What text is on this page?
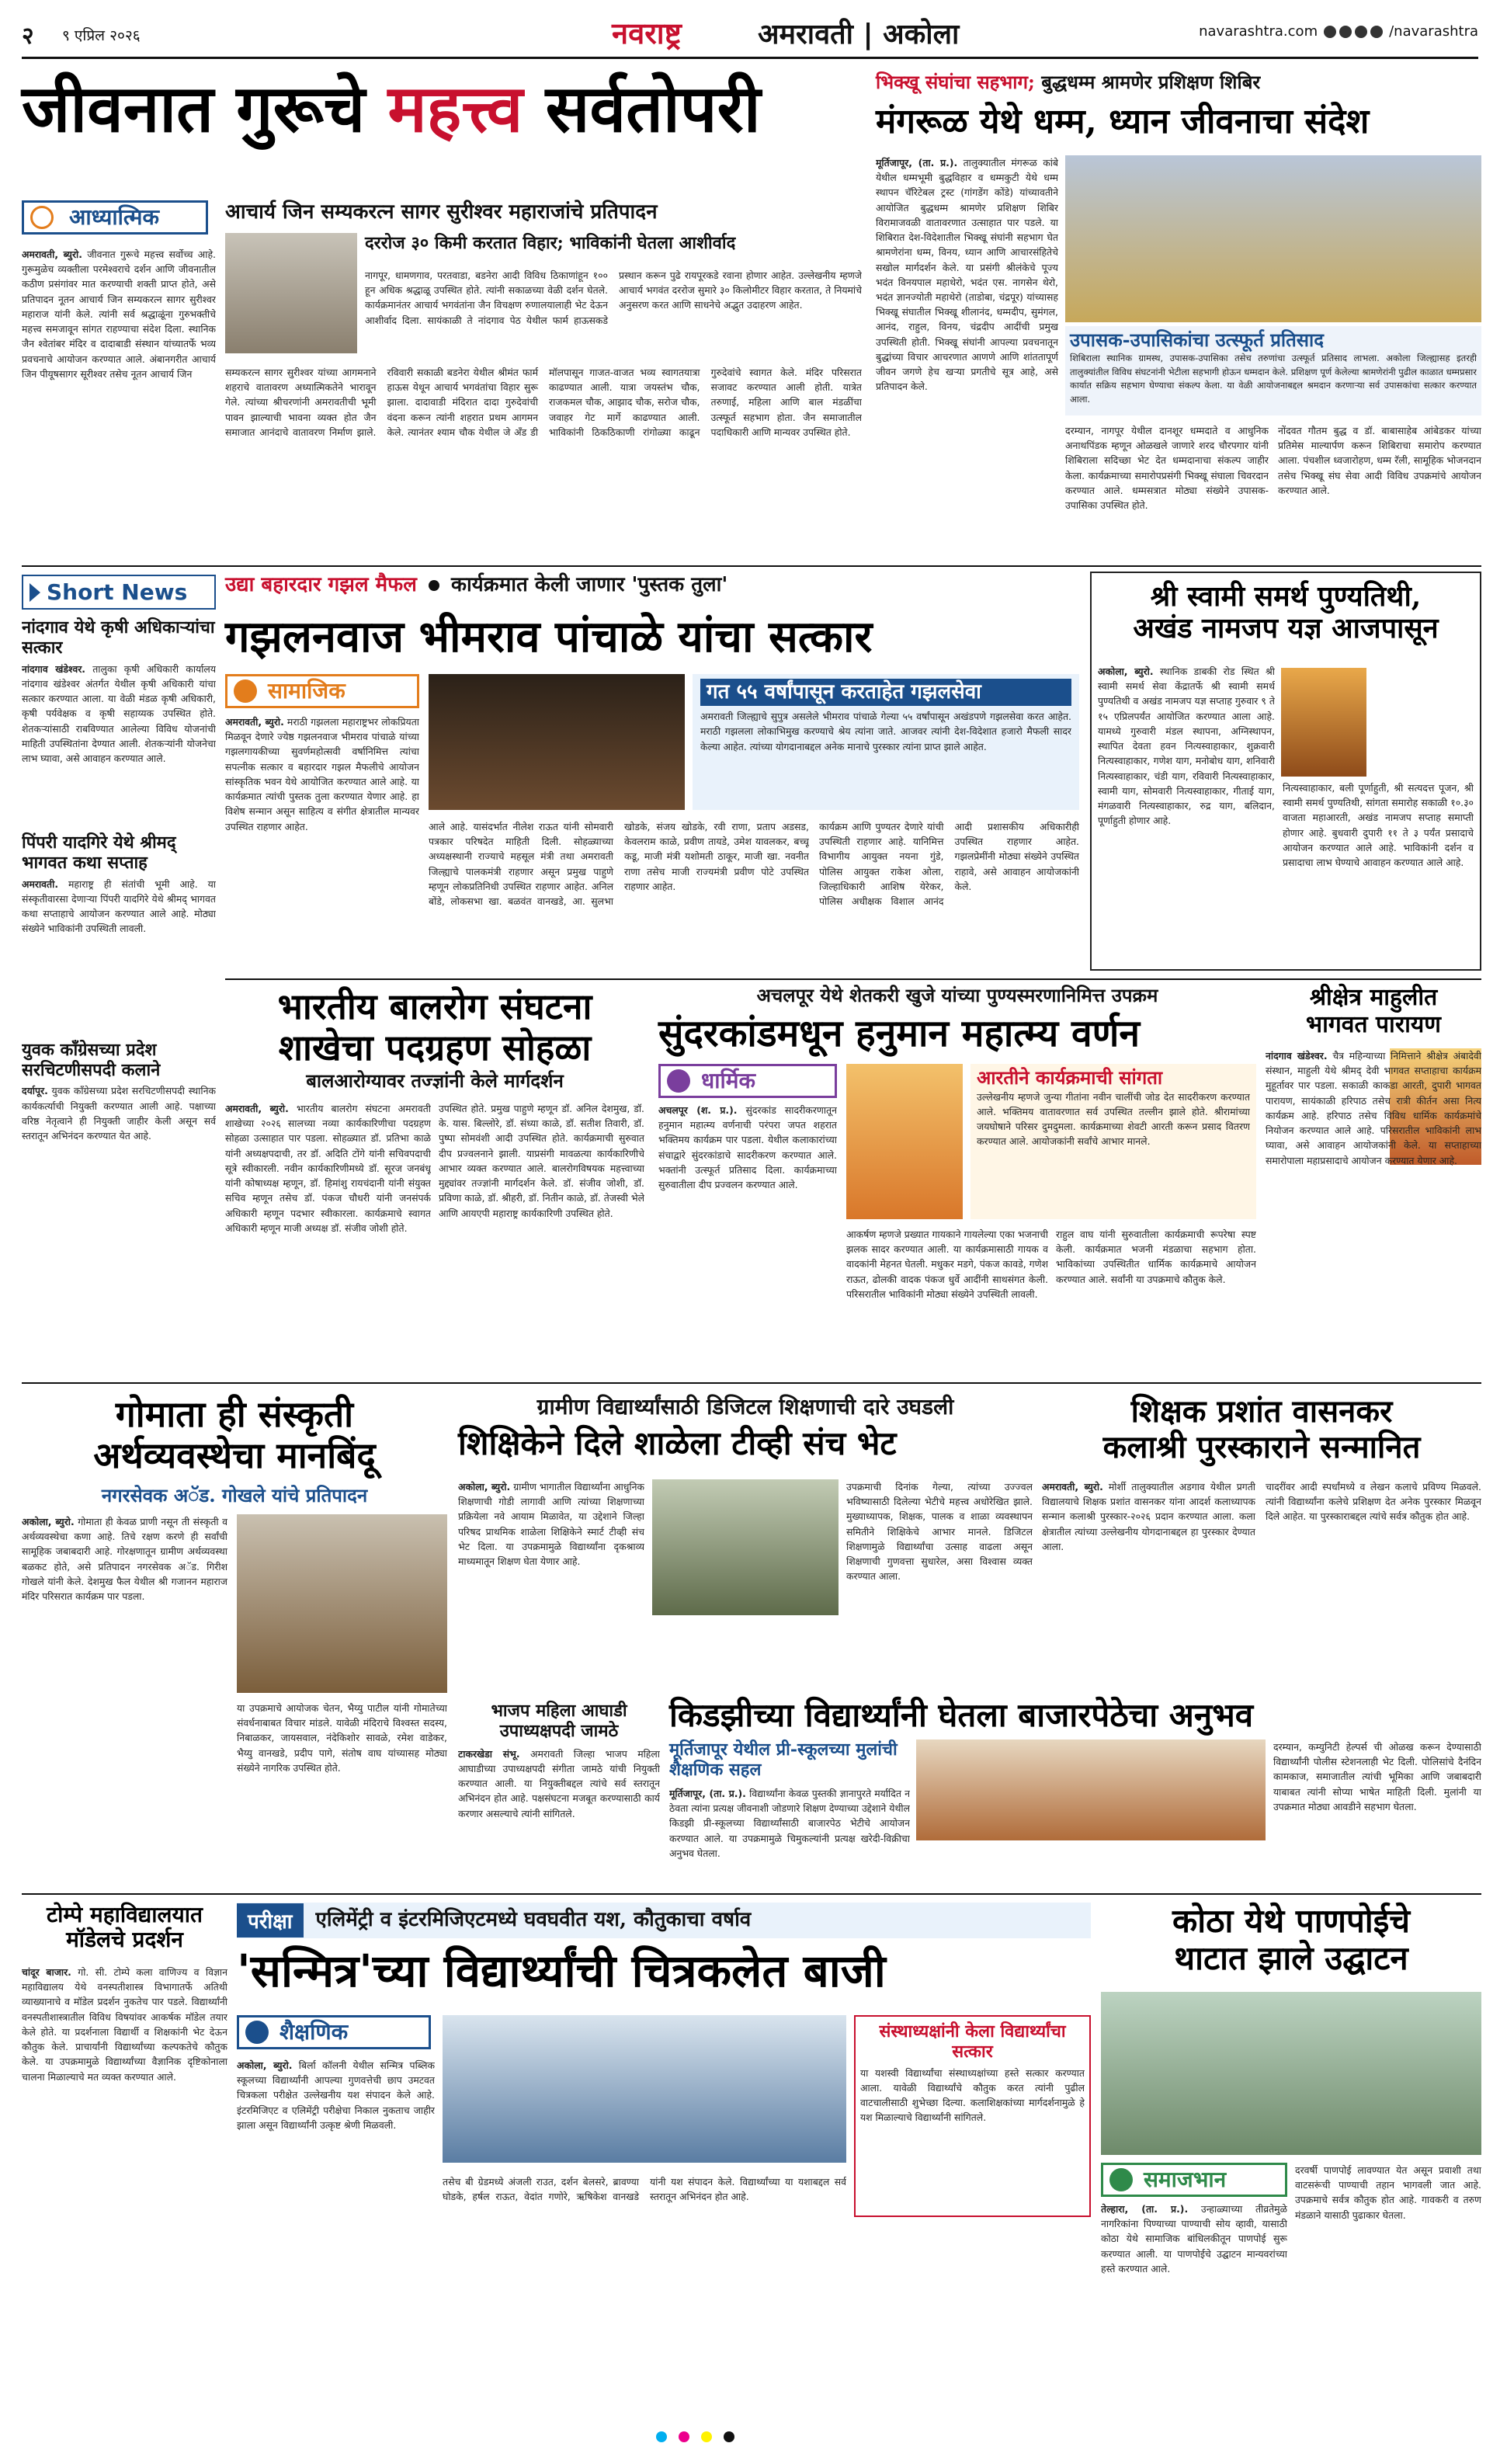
२ ९ एप्रिल २०२६	नवराष्ट्र	अमरावती | अकोला	navarashtra.com	/navarashtra
जीवनात गुरूचे महत्त्व सर्वतोपरी
आध्यात्मिक	आचार्य जिन सम्यकरत्न सागर सुरीश्वर महाराजांचे प्रतिपादन
दररोज ३० किमी करतात विहार; भाविकांनी घेतला आशीर्वाद
अमरावती, ब्युरो. जीवनात गुरूचे महत्त्व सर्वोच्च आहे. गुरूमुळेच व्यक्तीला परमेश्वराचे दर्शन आणि जीवनातील कठीण प्रसंगांवर मात करण्याची शक्ती प्राप्त होते, असे प्रतिपादन नूतन आचार्य जिन सम्यकरत्न सागर सुरीश्वर महाराज यांनी केले. त्यांनी सर्व श्रद्धाळूंना गुरुभक्तीचे महत्त्व समजावून सांगत राहण्याचा संदेश दिला. स्थानिक जैन श्वेतांबर मंदिर व दादाबाडी संस्थान यांच्यातर्फे भव्य प्रवचनाचे आयोजन करण्यात आले. अंबानगरीत आचार्य जिन पीयूषसागर सूरीश्वर तसेच नूतन आचार्य जिन
नागपूर, धामणगाव, परतवाडा, बडनेरा आदी विविध ठिकाणांहून १०० हून अधिक श्रद्धाळू उपस्थित होते. त्यांनी सकाळच्या वेळी दर्शन घेतले. कार्यक्रमानंतर आचार्य भगवंतांना जैन विचक्षण रुणालयालाही भेट देऊन आशीर्वाद दिला. सायंकाळी ते नांदगाव पेठ येथील फार्म हाऊसकडे प्रस्थान करून पुढे रायपूरकडे रवाना होणार आहेत. उल्लेखनीय म्हणजे आचार्य भगवंत दररोज सुमारे ३० किलोमीटर विहार करतात, ते नियमांचे अनुसरण करत आणि साधनेचे अद्भुत उदाहरण आहेत.
सम्यकरत्न सागर सुरीश्वर यांच्या आगमनाने शहराचे वातावरण अध्यात्मिकतेने भारावून गेले. त्यांच्या श्रीचरणांनी अमरावतीची भूमी पावन झाल्याची भावना व्यक्त होत जैन समाजात आनंदाचे वातावरण निर्माण झाले. रविवारी सकाळी बडनेरा येथील श्रीमंत फार्म हाऊस येथून आचार्य भगवंतांचा विहार सुरू झाला. दादावाडी मंदिरात दादा गुरुदेवांची वंदना करून त्यांनी शहरात प्रथम आगमन केले. त्यानंतर श्याम चौक येथील जे अँड डी मॉलपासून गाजत-वाजत भव्य स्वागतयात्रा काढण्यात आली. यात्रा जयस्तंभ चौक, राजकमल चौक, आझाद चौक, सरोज चौक, जवाहर गेट मार्गे काढण्यात आली. भाविकांनी ठिकठिकाणी रांगोळ्या काढून गुरुदेवांचे स्वागत केले. मंदिर परिसरात सजावट करण्यात आली होती. यात्रेत तरुणाई, महिला आणि बाल मंडळींचा उत्स्फूर्त सहभाग होता. जैन समाजातील पदाधिकारी आणि मान्यवर उपस्थित होते.
भिक्खू संघांचा सहभाग; बुद्धधम्म श्रामणेर प्रशिक्षण शिबिर
मंगरूळ येथे धम्म, ध्यान जीवनाचा संदेश
मूर्तिजापूर, (ता. प्र.). तालुक्यातील मंगरूळ कांबे येथील धम्मभूमी बुद्धविहार व धम्मकुटी येथे धम्म स्थापन चॅरिटेबल ट्रस्ट (गांगडेंग कोंडे) यांच्यावतीने आयोजित बुद्धधम्म श्रामणेर प्रशिक्षण शिबिर विरामाजवळी वातावरणात उत्साहात पार पडले. या शिबिरात देश-विदेशातील भिक्खू संघांनी सहभाग घेत श्रामणेरांना धम्म, विनय, ध्यान आणि आचारसंहितेचे सखोल मार्गदर्शन केले. या प्रसंगी श्रीलंकेचे पूज्य भदंत विनयपाल महाथेरो, भदंत एस. नागसेन थेरो, भदंत ज्ञानज्योती महाथेरो (ताडोबा, चंद्रपूर) यांच्यासह भिक्खू संघातील भिक्खू शीलानंद, धम्मदीप, सुमंगल, आनंद, राहुल, विनय, चंद्रदीप आदींची प्रमुख उपस्थिती होती. भिक्खू संघांनी आपल्या प्रवचनातून बुद्धांच्या विचार आचरणात आणणे आणि शांततापूर्ण जीवन जगणे हेच खऱ्या प्रगतीचे सूत्र आहे, असे प्रतिपादन केले.
उपासक-उपासिकांचा उत्स्फूर्त प्रतिसाद
शिबिराला स्थानिक ग्रामस्थ, उपासक-उपासिका तसेच तरुणांचा उत्स्फूर्त प्रतिसाद लाभला. अकोला जिल्ह्यासह इतरही तालुक्यांतील विविध संघटनांनी भेटीला सहभागी होऊन धम्मदान केले. प्रशिक्षण पूर्ण केलेल्या श्रामणेरांनी पुढील काळात धम्मप्रसार कार्यात सक्रिय सहभाग घेण्याचा संकल्प केला. या वेळी आयोजनाबद्दल श्रमदान करणाऱ्या सर्व उपासकांचा सत्कार करण्यात आला.
दरम्यान, नागपूर येथील दानशूर धम्मदाते व आधुनिक अनाथपिंडक म्हणून ओळखले जाणारे शरद चौरपगार यांनी शिबिराला सदिच्छा भेट देत धम्मदानाचा संकल्प जाहीर केला. कार्यक्रमाच्या समारोपप्रसंगी भिक्खू संघाला चिवरदान करण्यात आले. धम्मसत्रात मोठ्या संख्येने उपासक-उपासिका उपस्थित होते.
नोंदवत गौतम बुद्ध व डॉ. बाबासाहेब आंबेडकर यांच्या प्रतिमेस माल्यार्पण करून शिबिराचा समारोप करण्यात आला. पंचशील ध्वजारोहण, धम्म रॅली, सामूहिक भोजनदान तसेच भिक्खू संघ सेवा आदी विविध उपक्रमांचे आयोजन करण्यात आले.
Short News
नांदगाव येथे कृषी अधिकाऱ्यांचा सत्कार
नांदगाव खंडेश्वर. तालुका कृषी अधिकारी कार्यालय नांदगाव खंडेश्वर अंतर्गत येथील कृषी अधिकारी यांचा सत्कार करण्यात आला. या वेळी मंडळ कृषी अधिकारी, कृषी पर्यवेक्षक व कृषी सहाय्यक उपस्थित होते. शेतकऱ्यांसाठी राबविण्यात आलेल्या विविध योजनांची माहिती उपस्थितांना देण्यात आली. शेतकऱ्यांनी योजनेचा लाभ घ्यावा, असे आवाहन करण्यात आले.
पिंपरी यादगिरे येथे श्रीमद् भागवत कथा सप्ताह
अमरावती. महाराष्ट्र ही संतांची भूमी आहे. या संस्कृतीवारसा देणाऱ्या पिंपरी यादगिरे येथे श्रीमद् भागवत कथा सप्ताहाचे आयोजन करण्यात आले आहे. मोठ्या संख्येने भाविकांनी उपस्थिती लावली.
युवक काँग्रेसच्या प्रदेश सरचिटणीसपदी कलाने
दर्यापूर. युवक काँग्रेसच्या प्रदेश सरचिटणीसपदी स्थानिक कार्यकर्त्याची नियुक्ती करण्यात आली आहे. पक्षाच्या वरिष्ठ नेतृत्वाने ही नियुक्ती जाहीर केली असून सर्व स्तरातून अभिनंदन करण्यात येत आहे.
उद्या बहारदार गझल मैफल कार्यक्रमात केली जाणार 'पुस्तक तुला'
गझलनवाज भीमराव पांचाळे यांचा सत्कार
सामाजिक
अमरावती, ब्युरो. मराठी गझलला महाराष्ट्रभर लोकप्रियता मिळवून देणारे ज्येष्ठ गझलनवाज भीमराव पांचाळे यांच्या गझलगायकीच्या सुवर्णमहोत्सवी वर्षानिमित्त त्यांचा सपत्नीक सत्कार व बहारदार गझल मैफलीचे आयोजन सांस्कृतिक भवन येथे आयोजित करण्यात आले आहे. या कार्यक्रमात त्यांची पुस्तक तुला करण्यात येणार आहे. हा विशेष सन्मान असून साहित्य व संगीत क्षेत्रातील मान्यवर उपस्थित राहणार आहेत.
गत ५५ वर्षांपासून करताहेत गझलसेवा
अमरावती जिल्ह्याचे सुपुत्र असलेले भीमराव पांचाळे गेल्या ५५ वर्षांपासून अखंडपणे गझलसेवा करत आहेत. मराठी गझलला लोकाभिमुख करण्याचे श्रेय त्यांना जाते. आजवर त्यांनी देश-विदेशात हजारो मैफली सादर केल्या आहेत. त्यांच्या योगदानाबद्दल अनेक मानाचे पुरस्कार त्यांना प्राप्त झाले आहेत.
आले आहे. यासंदर्भात नीलेश राऊत यांनी सोमवारी पत्रकार परिषदेत माहिती दिली. सोहळ्याच्या अध्यक्षस्थानी राज्याचे महसूल मंत्री तथा अमरावती जिल्ह्याचे पालकमंत्री राहणार असून प्रमुख पाहुणे म्हणून लोकप्रतिनिधी उपस्थित राहणार आहेत. अनिल बोंडे, लोकसभा खा. बळवंत वानखडे, आ. सुलभा खोडके, संजय खोडके, रवी राणा, प्रताप अडसड, केवलराम काळे, प्रवीण तायडे, उमेश यावलकर, बच्चू कडू, माजी मंत्री यशोमती ठाकूर, माजी खा. नवनीत राणा तसेच माजी राज्यमंत्री प्रवीण पोटे उपस्थित राहणार आहेत.
कार्यक्रम आणि पुण्यतर देणारे यांची उपस्थिती राहणार आहे. यानिमित्त विभागीय आयुक्त नयना गुंडे, पोलिस आयुक्त राकेश ओला, जिल्हाधिकारी आशिष येरेकर, पोलिस अधीक्षक विशाल आनंद आदी प्रशासकीय अधिकारीही उपस्थित राहणार आहेत. गझलप्रेमींनी मोठ्या संख्येने उपस्थित राहावे, असे आवाहन आयोजकांनी केले.
श्री स्वामी समर्थ पुण्यतिथी,
अखंड नामजप यज्ञ आजपासून
अकोला, ब्युरो. स्थानिक डाबकी रोड स्थित श्री स्वामी समर्थ सेवा केंद्रातर्फे श्री स्वामी समर्थ पुण्यतिथी व अखंड नामजप यज्ञ सप्ताह गुरुवार ९ ते १५ एप्रिलपर्यंत आयोजित करण्यात आला आहे. यामध्ये गुरुवारी मंडल स्थापना, अग्निस्थापन, स्थापित देवता हवन नित्यस्वाहाकार, शुक्रवारी नित्यस्वाहाकार, गणेश याग, मनोबोध याग, शनिवारी नित्यस्वाहाकार, चंडी याग, रविवारी नित्यस्वाहाकार, स्वामी याग, सोमवारी नित्यस्वाहाकार, गीताई याग, मंगळवारी नित्यस्वाहाकार, रुद्र याग, बलिदान, पूर्णाहुती होणार आहे.
नित्यस्वाहाकार, बली पूर्णाहुती, श्री सत्यदत्त पूजन, श्री स्वामी समर्थ पुण्यतिथी, सांगता समारोह सकाळी १०.३० वाजता महाआरती, अखंड नामजप सप्ताह समाप्ती होणार आहे. बुधवारी दुपारी ११ ते ३ पर्यंत प्रसादाचे आयोजन करण्यात आले आहे. भाविकांनी दर्शन व प्रसादाचा लाभ घेण्याचे आवाहन करण्यात आले आहे.
भारतीय बालरोग संघटना
शाखेचा पदग्रहण सोहळा
बालआरोग्यावर तज्ज्ञांनी केले मार्गदर्शन
अमरावती, ब्युरो. भारतीय बालरोग संघटना अमरावती शाखेच्या २०२६ सालच्या नव्या कार्यकारिणीचा पदग्रहण सोहळा उत्साहात पार पडला. सोहळ्यात डॉ. प्रतिभा काळे यांनी अध्यक्षपदाची, तर डॉ. अदिति टोंगे यांनी सचिवपदाची सूत्रे स्वीकारली. नवीन कार्यकारिणीमध्ये डॉ. सूरज जनबंधू यांनी कोषाध्यक्ष म्हणून, डॉ. हिमांशु रायचंदानी यांनी संयुक्त सचिव म्हणून तसेच डॉ. पंकज चौधरी यांनी जनसंपर्क अधिकारी म्हणून पदभार स्वीकारला. कार्यक्रमाचे स्वागत अधिकारी म्हणून माजी अध्यक्ष डॉ. संजीव जोशी होते.
उपस्थित होते. प्रमुख पाहुणे म्हणून डॉ. अनिल देशमुख, डॉ. के. यास. बिल्लोरे, डॉ. संध्या काळे, डॉ. सतीश तिवारी, डॉ. पुष्पा सोमवंशी आदी उपस्थित होते. कार्यक्रमाची सुरुवात दीप प्रज्वलनाने झाली. याप्रसंगी मावळत्या कार्यकारिणीचे आभार व्यक्त करण्यात आले. बालरोगविषयक महत्त्वाच्या मुद्द्यांवर तज्ज्ञांनी मार्गदर्शन केले. डॉ. संजीव जोशी, डॉ. प्रविणा काळे, डॉ. श्रीहरी, डॉ. नितीन काळे, डॉ. तेजस्वी भेले आणि आयएपी महाराष्ट्र कार्यकारिणी उपस्थित होते.
अचलपूर येथे शेतकरी खुजे यांच्या पुण्यस्मरणानिमित्त उपक्रम
सुंदरकांडमधून हनुमान महात्म्य वर्णन
धार्मिक
अचलपूर (श. प्र.). सुंदरकांड सादरीकरणातून हनुमान महात्म्य वर्णनाची परंपरा जपत शहरात भक्तिमय कार्यक्रम पार पडला. येथील कलाकारांच्या संचाद्वारे सुंदरकांडाचे सादरीकरण करण्यात आले. भक्तांनी उत्स्फूर्त प्रतिसाद दिला. कार्यक्रमाच्या सुरुवातीला दीप प्रज्वलन करण्यात आले.
आरतीने कार्यक्रमाची सांगता
उल्लेखनीय म्हणजे जुन्या गीतांना नवीन चालींची जोड देत सादरीकरण करण्यात आले. भक्तिमय वातावरणात सर्व उपस्थित तल्लीन झाले होते. श्रीरामांच्या जयघोषाने परिसर दुमदुमला. कार्यक्रमाच्या शेवटी आरती करून प्रसाद वितरण करण्यात आले. आयोजकांनी सर्वांचे आभार मानले.
आकर्षण म्हणजे प्रख्यात गायकाने गायलेल्या एका भजनाची झलक सादर करण्यात आली. या कार्यक्रमासाठी गायक व वादकांनी मेहनत घेतली. मधुकर मडगे, पंकज कावडे, गणेश राऊत, ढोलकी वादक पंकज धुर्वे आदींनी साथसंगत केली. परिसरातील भाविकांनी मोठ्या संख्येने उपस्थिती लावली.
राहुल वाघ यांनी सुरुवातीला कार्यक्रमाची रूपरेषा स्पष्ट केली. कार्यक्रमात भजनी मंडळाचा सहभाग होता. भाविकांच्या उपस्थितीत धार्मिक कार्यक्रमाचे आयोजन करण्यात आले. सर्वांनी या उपक्रमाचे कौतुक केले.
श्रीक्षेत्र माहुलीत
भागवत पारायण
नांदगाव खंडेश्वर. चैत्र महिन्याच्या निमित्ताने श्रीक्षेत्र अंबादेवी संस्थान, माहुली येथे श्रीमद् देवी भागवत सप्ताहाचा कार्यक्रम मुहूर्तावर पार पडला. सकाळी काकडा आरती, दुपारी भागवत पारायण, सायंकाळी हरिपाठ तसेच रात्री कीर्तन असा नित्य कार्यक्रम आहे. हरिपाठ तसेच विविध धार्मिक कार्यक्रमांचे नियोजन करण्यात आले आहे. परिसरातील भाविकांनी लाभ घ्यावा, असे आवाहन आयोजकांनी केले. या सप्ताहाच्या समारोपाला महाप्रसादाचे आयोजन करण्यात येणार आहे.
गोमाता ही संस्कृती
अर्थव्यवस्थेचा मानबिंदू
नगरसेवक अॅड. गोखले यांचे प्रतिपादन
अकोला, ब्युरो. गोमाता ही केवळ प्राणी नसून ती संस्कृती व अर्थव्यवस्थेचा कणा आहे. तिचे रक्षण करणे ही सर्वांची सामूहिक जबाबदारी आहे. गोरक्षणातून ग्रामीण अर्थव्यवस्था बळकट होते, असे प्रतिपादन नगरसेवक अॅड. गिरीश गोखले यांनी केले. देशमुख फैल येथील श्री गजानन महाराज मंदिर परिसरात कार्यक्रम पार पडला.
या उपक्रमाचे आयोजक चेतन, भैय्यु पाटील यांनी गोमातेच्या संवर्धनाबाबत विचार मांडले. यावेळी मंदिराचे विश्वस्त सदस्य, निबाळकर, जायसवाल, नंदेकिशोर सावळे, रमेश वाडेकर, भैय्यु वानखडे, प्रदीप पागे, संतोष वाघ यांच्यासह मोठ्या संख्येने नागरिक उपस्थित होते.
ग्रामीण विद्यार्थ्यांसाठी डिजिटल शिक्षणाची दारे उघडली
शिक्षिकेने दिले शाळेला टीव्ही संच भेट
अकोला, ब्युरो. ग्रामीण भागातील विद्यार्थ्यांना आधुनिक शिक्षणाची गोडी लागावी आणि त्यांच्या शिक्षणाच्या प्रक्रियेला नवे आयाम मिळावेत, या उद्देशाने जिल्हा परिषद प्राथमिक शाळेला शिक्षिकेने स्मार्ट टीव्ही संच भेट दिला. या उपक्रमामुळे विद्यार्थ्यांना दृकश्राव्य माध्यमातून शिक्षण घेता येणार आहे.
उपक्रमाची दिनांक गेल्या, त्यांच्या उज्ज्वल भविष्यासाठी दिलेल्या भेटीचे महत्त्व अधोरेखित झाले. मुख्याध्यापक, शिक्षक, पालक व शाळा व्यवस्थापन समितीने शिक्षिकेचे आभार मानले. डिजिटल शिक्षणामुळे विद्यार्थ्यांचा उत्साह वाढला असून शिक्षणाची गुणवत्ता सुधारेल, असा विश्वास व्यक्त करण्यात आला.
भाजप महिला आघाडी उपाध्यक्षपदी जामठे
टाकरखेडा संभू. अमरावती जिल्हा भाजप महिला आघाडीच्या उपाध्यक्षपदी संगीता जामठे यांची नियुक्ती करण्यात आली. या नियुक्तीबद्दल त्यांचे सर्व स्तरातून अभिनंदन होत आहे. पक्षसंघटना मजबूत करण्यासाठी कार्य करणार असल्याचे त्यांनी सांगितले.
शिक्षक प्रशांत वासनकर
कलाश्री पुरस्काराने सन्मानित
अमरावती, ब्युरो. मोर्शी तालुक्यातील अडगाव येथील प्रगती विद्यालयाचे शिक्षक प्रशांत वासनकर यांना आदर्श कलाध्यापक सन्मान कलाश्री पुरस्कार-२०२६ प्रदान करण्यात आला. कला क्षेत्रातील त्यांच्या उल्लेखनीय योगदानाबद्दल हा पुरस्कार देण्यात आला.
चादरींवर आदी स्पर्धांमध्ये व लेखन कलाचे प्रविण्य मिळवले. त्यांनी विद्यार्थ्यांना कलेचे प्रशिक्षण देत अनेक पुरस्कार मिळवून दिले आहेत. या पुरस्काराबद्दल त्यांचे सर्वत्र कौतुक होत आहे.
किडझीच्या विद्यार्थ्यांनी घेतला बाजारपेठेचा अनुभव
मूर्तिजापूर येथील प्री-स्कूलच्या मुलांची शैक्षणिक सहल
मूर्तिजापूर, (ता. प्र.). विद्यार्थ्यांना केवळ पुस्तकी ज्ञानापुरते मर्यादित न ठेवता त्यांना प्रत्यक्ष जीवनाशी जोडणारे शिक्षण देण्याच्या उद्देशाने येथील किडझी प्री-स्कूलच्या विद्यार्थ्यांसाठी बाजारपेठ भेटीचे आयोजन करण्यात आले. या उपक्रमामुळे चिमुकल्यांनी प्रत्यक्ष खरेदी-विक्रीचा अनुभव घेतला.
दरम्यान, कम्युनिटी हेल्पर्स ची ओळख करून देण्यासाठी विद्यार्थ्यांनी पोलीस स्टेशनलाही भेट दिली. पोलिसांचे दैनंदिन कामकाज, समाजातील त्यांची भूमिका आणि जबाबदारी याबाबत त्यांनी सोप्या भाषेत माहिती दिली. मुलांनी या उपक्रमात मोठ्या आवडीने सहभाग घेतला.
टोम्पे महाविद्यालयात
मॉडेलचे प्रदर्शन
चांदूर बाजार. गो. सी. टोम्पे कला वाणिज्य व विज्ञान महाविद्यालय येथे वनस्पतीशास्त्र विभागातर्फे अतिथी व्याख्यानाचे व मॉडेल प्रदर्शन नुकतेच पार पडले. विद्यार्थ्यांनी वनस्पतीशास्त्रातील विविध विषयांवर आकर्षक मॉडेल तयार केले होते. या प्रदर्शनाला विद्यार्थी व शिक्षकांनी भेट देऊन कौतुक केले. प्राचार्यांनी विद्यार्थ्यांच्या कल्पकतेचे कौतुक केले. या उपक्रमामुळे विद्यार्थ्यांच्या वैज्ञानिक दृष्टिकोनाला चालना मिळाल्याचे मत व्यक्त करण्यात आले.
परीक्षा	एलिमेंट्री व इंटरमिजिएटमध्ये घवघवीत यश, कौतुकाचा वर्षाव
'सन्मित्र'च्या विद्यार्थ्यांची चित्रकलेत बाजी
शैक्षणिक	संस्थाध्यक्षांनी केला विद्यार्थ्यांचा सत्कार
या यशस्वी विद्यार्थ्यांचा संस्थाध्यक्षांच्या हस्ते सत्कार करण्यात आला. यावेळी विद्यार्थ्यांचे कौतुक करत त्यांनी पुढील वाटचालीसाठी शुभेच्छा दिल्या. कलाशिक्षकांच्या मार्गदर्शनामुळे हे यश मिळाल्याचे विद्यार्थ्यांनी सांगितले.
अकोला, ब्युरो. बिर्ला कॉलनी येथील सन्मित्र पब्लिक स्कूलच्या विद्यार्थ्यांनी आपल्या गुणवत्तेची छाप उमटवत चित्रकला परीक्षेत उल्लेखनीय यश संपादन केले आहे. इंटरमिजिएट व एलिमेंट्री परीक्षेचा निकाल नुकताच जाहीर झाला असून विद्यार्थ्यांनी उत्कृष्ट श्रेणी मिळवली.
तसेच बी ग्रेडमध्ये अंजली राउत, दर्शन बेलसरे, ब्रावण्या घोडके, हर्षल राऊत, वेदांत गणोरे, ऋषिकेश वानखडे यांनी यश संपादन केले. विद्यार्थ्यांच्या या यशाबद्दल सर्व स्तरातून अभिनंदन होत आहे.
कोठा येथे पाणपोईचे
थाटात झाले उद्घाटन
समाजभान
तेल्हारा, (ता. प्र.). उन्हाळ्याच्या तीव्रतेमुळे नागरिकांना पिण्याच्या पाण्याची सोय व्हावी, यासाठी कोठा येथे सामाजिक बांधिलकीतून पाणपोई सुरू करण्यात आली. या पाणपोईचे उद्घाटन मान्यवरांच्या हस्ते करण्यात आले.
दरवर्षी पाणपोई लावण्यात येत असून प्रवाशी तथा वाटसरूंची पाण्याची तहान भागवली जात आहे. उपक्रमाचे सर्वत्र कौतुक होत आहे. गावकरी व तरुण मंडळाने यासाठी पुढाकार घेतला.
